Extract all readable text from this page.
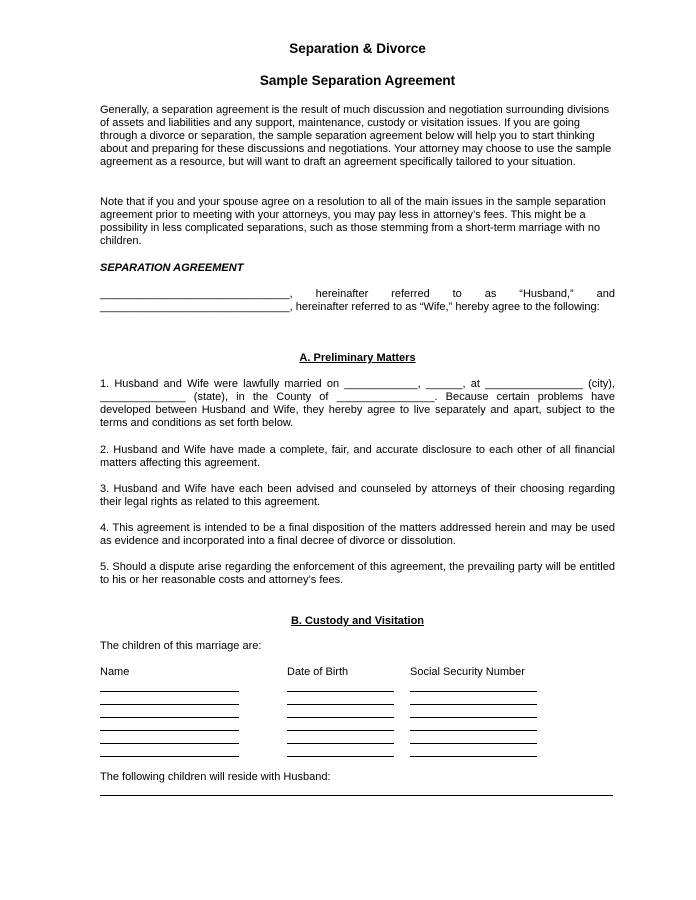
Separation & Divorce
Sample Separation Agreement
Generally, a separation agreement is the result of much discussion and negotiation surrounding divisions of assets and liabilities and any support, maintenance, custody or visitation issues. If you are going through a divorce or separation, the sample separation agreement below will help you to start thinking about and preparing for these discussions and negotiations. Your attorney may choose to use the sample agreement as a resource, but will want to draft an agreement specifically tailored to your situation.
Note that if you and your spouse agree on a resolution to all of the main issues in the sample separation agreement prior to meeting with your attorneys, you may pay less in attorney’s fees. This might be a possibility in less complicated separations, such as those stemming from a short-term marriage with no children.
SEPARATION AGREEMENT
_______________________________, hereinafter referred to as “Husband,” and _______________________________, hereinafter referred to as “Wife,” hereby agree to the following:
A. Preliminary Matters
1. Husband and Wife were lawfully married on ____________, ______, at ________________ (city), ______________ (state), in the County of ________________. Because certain problems have developed between Husband and Wife, they hereby agree to live separately and apart, subject to the terms and conditions as set forth below.
2. Husband and Wife have made a complete, fair, and accurate disclosure to each other of all financial matters affecting this agreement.
3. Husband and Wife have each been advised and counseled by attorneys of their choosing regarding their legal rights as related to this agreement.
4. This agreement is intended to be a final disposition of the matters addressed herein and may be used as evidence and incorporated into a final decree of divorce or dissolution.
5. Should a dispute arise regarding the enforcement of this agreement, the prevailing party will be entitled to his or her reasonable costs and attorney’s fees.
B. Custody and Visitation
The children of this marriage are:
Name	Date of Birth	Social Security Number
The following children will reside with Husband:
